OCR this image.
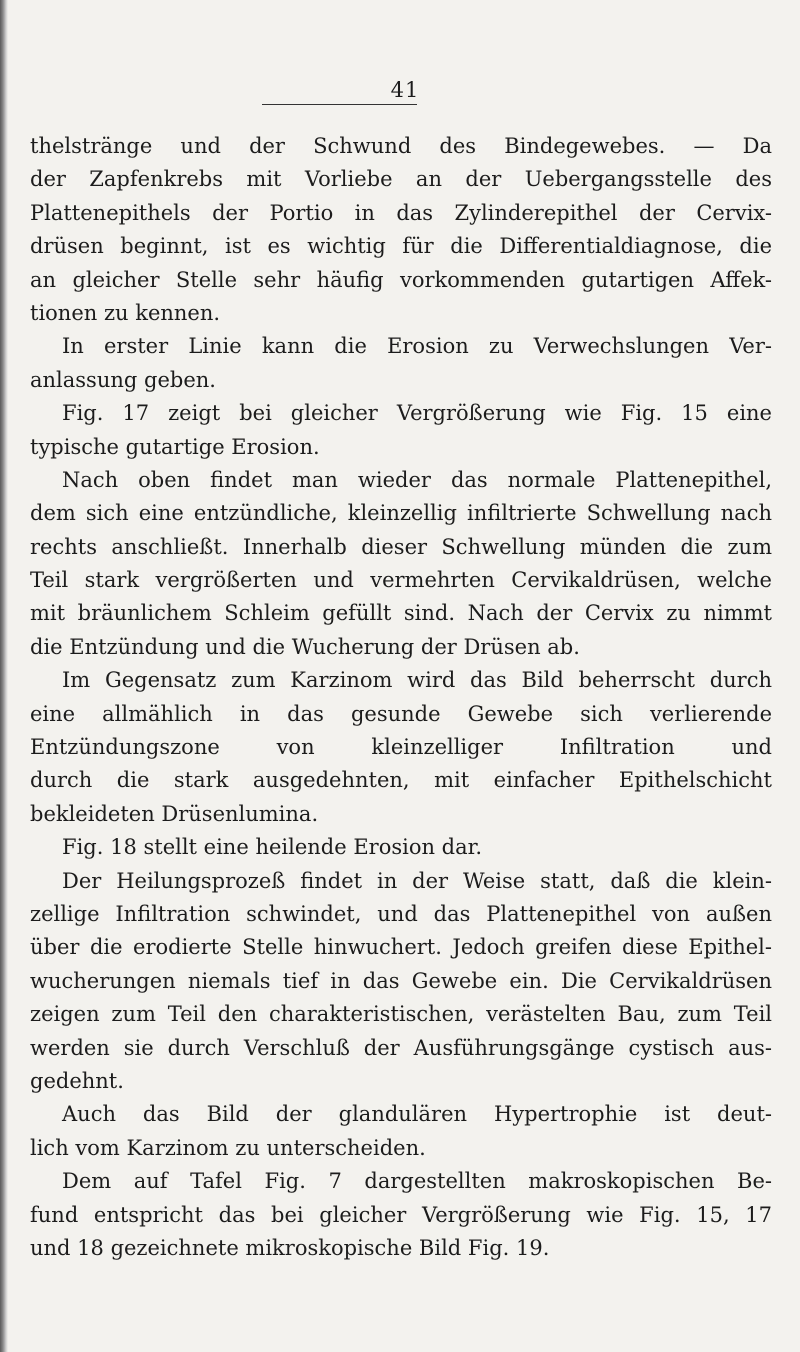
41
thelstränge und der Schwund des Bindegewebes. — Da
der Zapfenkrebs mit Vorliebe an der Uebergangsstelle des
Plattenepithels der Portio in das Zylinderepithel der Cervix-
drüsen beginnt, ist es wichtig für die Differentialdiagnose, die
an gleicher Stelle sehr häufig vorkommenden gutartigen Affek-
tionen zu kennen.
In erster Linie kann die Erosion zu Verwechslungen Ver-
anlassung geben.
Fig. 17 zeigt bei gleicher Vergrößerung wie Fig. 15 eine
typische gutartige Erosion.
Nach oben findet man wieder das normale Plattenepithel,
dem sich eine entzündliche, kleinzellig infiltrierte Schwellung nach
rechts anschließt. Innerhalb dieser Schwellung münden die zum
Teil stark vergrößerten und vermehrten Cervikaldrüsen, welche
mit bräunlichem Schleim gefüllt sind. Nach der Cervix zu nimmt
die Entzündung und die Wucherung der Drüsen ab.
Im Gegensatz zum Karzinom wird das Bild beherrscht durch
eine allmählich in das gesunde Gewebe sich verlierende
Entzündungszone von kleinzelliger Infiltration und
durch die stark ausgedehnten, mit einfacher Epithelschicht
bekleideten Drüsenlumina.
Fig. 18 stellt eine heilende Erosion dar.
Der Heilungsprozeß findet in der Weise statt, daß die klein-
zellige Infiltration schwindet, und das Plattenepithel von außen
über die erodierte Stelle hinwuchert. Jedoch greifen diese Epithel-
wucherungen niemals tief in das Gewebe ein. Die Cervikaldrüsen
zeigen zum Teil den charakteristischen, verästelten Bau, zum Teil
werden sie durch Verschluß der Ausführungsgänge cystisch aus-
gedehnt.
Auch das Bild der glandulären Hypertrophie ist deut-
lich vom Karzinom zu unterscheiden.
Dem auf Tafel Fig. 7 dargestellten makroskopischen Be-
fund entspricht das bei gleicher Vergrößerung wie Fig. 15, 17
und 18 gezeichnete mikroskopische Bild Fig. 19.
